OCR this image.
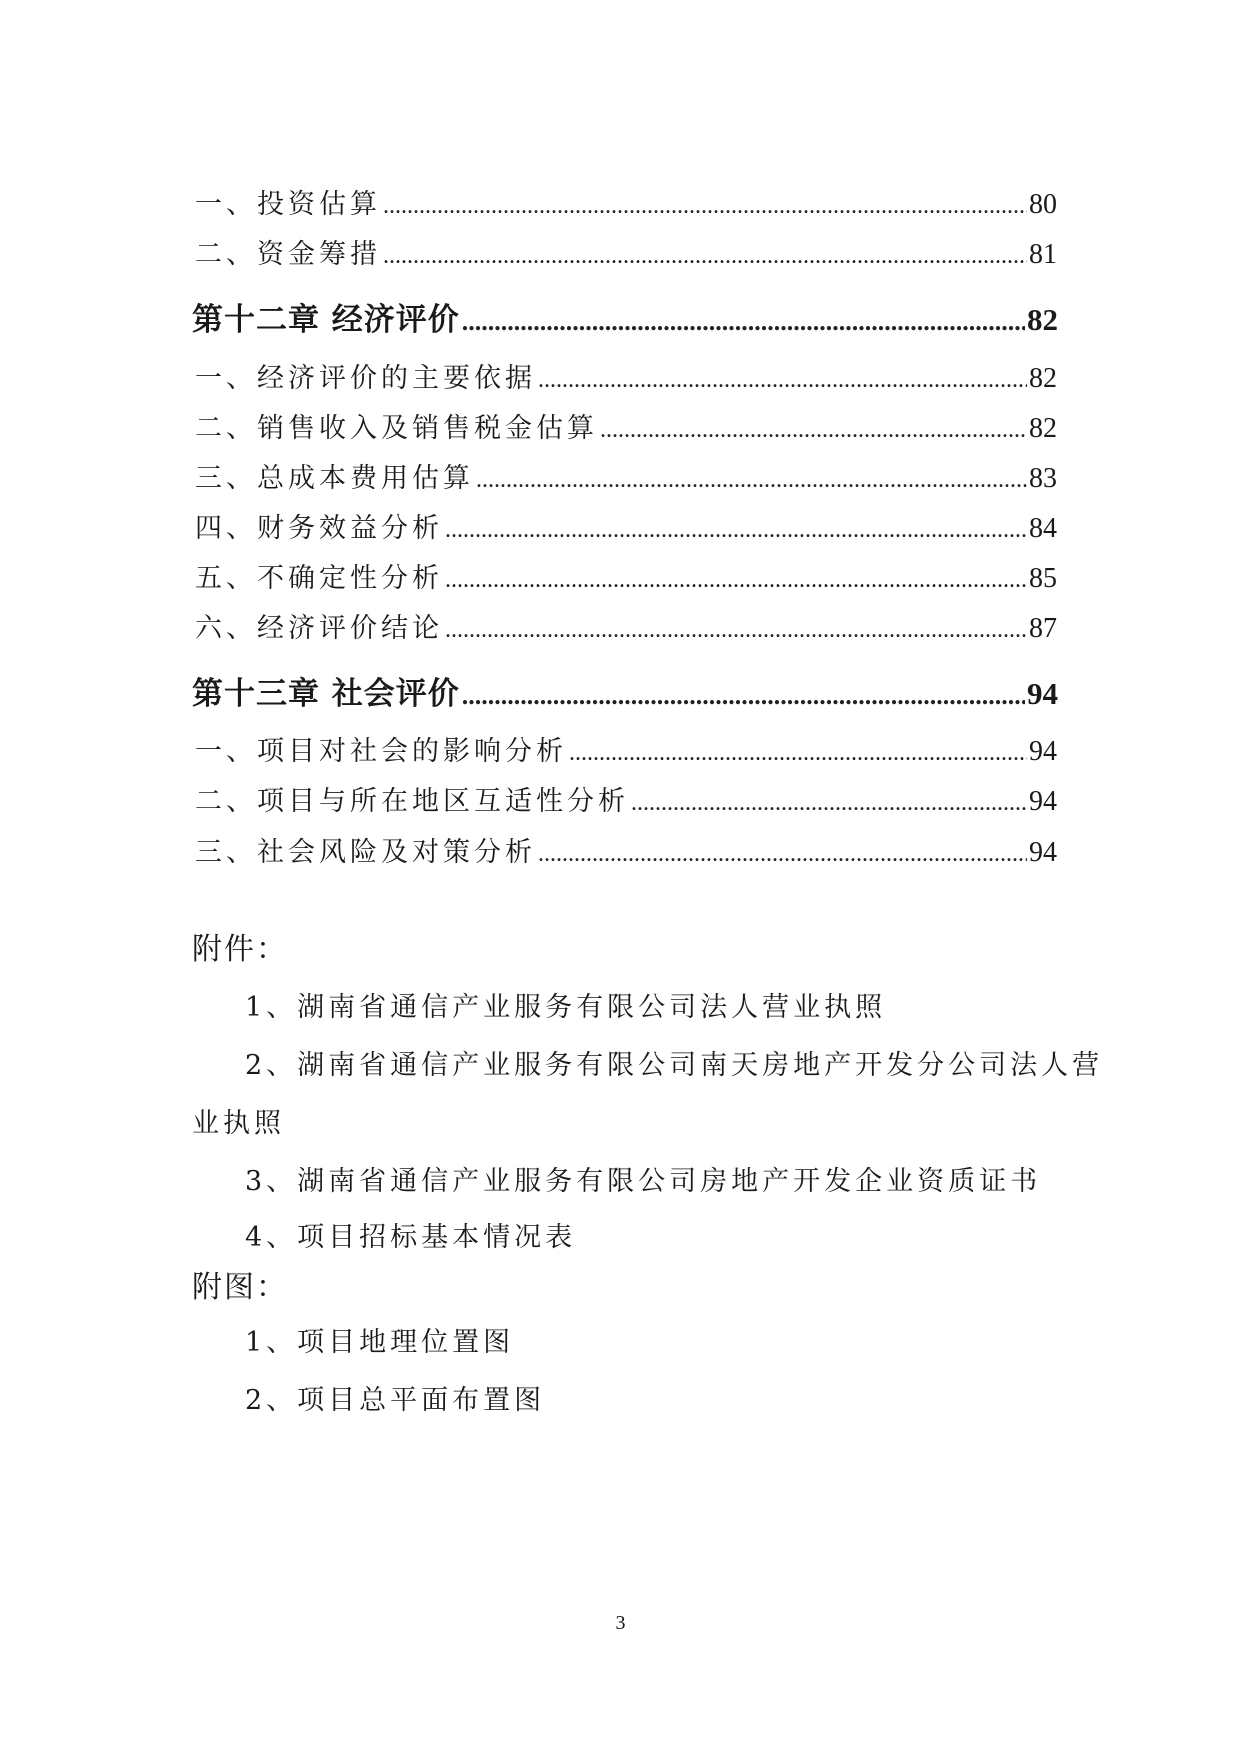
一、投资估算 .....	80
二、资金筹措 .....	81
第十二章 经济评价 .....	82
一、经济评价的主要依据 .....	82
二、销售收入及销售税金估算 .....	82
三、总成本费用估算 .....	83
四、财务效益分析 .....	84
五、不确定性分析 .....	85
六、经济评价结论 .....	87
第十三章 社会评价 .....	94
一、项目对社会的影响分析 .....	94
二、项目与所在地区互适性分析 .....	94
三、社会风险及对策分析 .....	94
附件：
1、湖南省通信产业服务有限公司法人营业执照
2、湖南省通信产业服务有限公司南天房地产开发分公司法人营
业执照
3、湖南省通信产业服务有限公司房地产开发企业资质证书
4、项目招标基本情况表
附图：
1、项目地理位置图
2、项目总平面布置图
3
